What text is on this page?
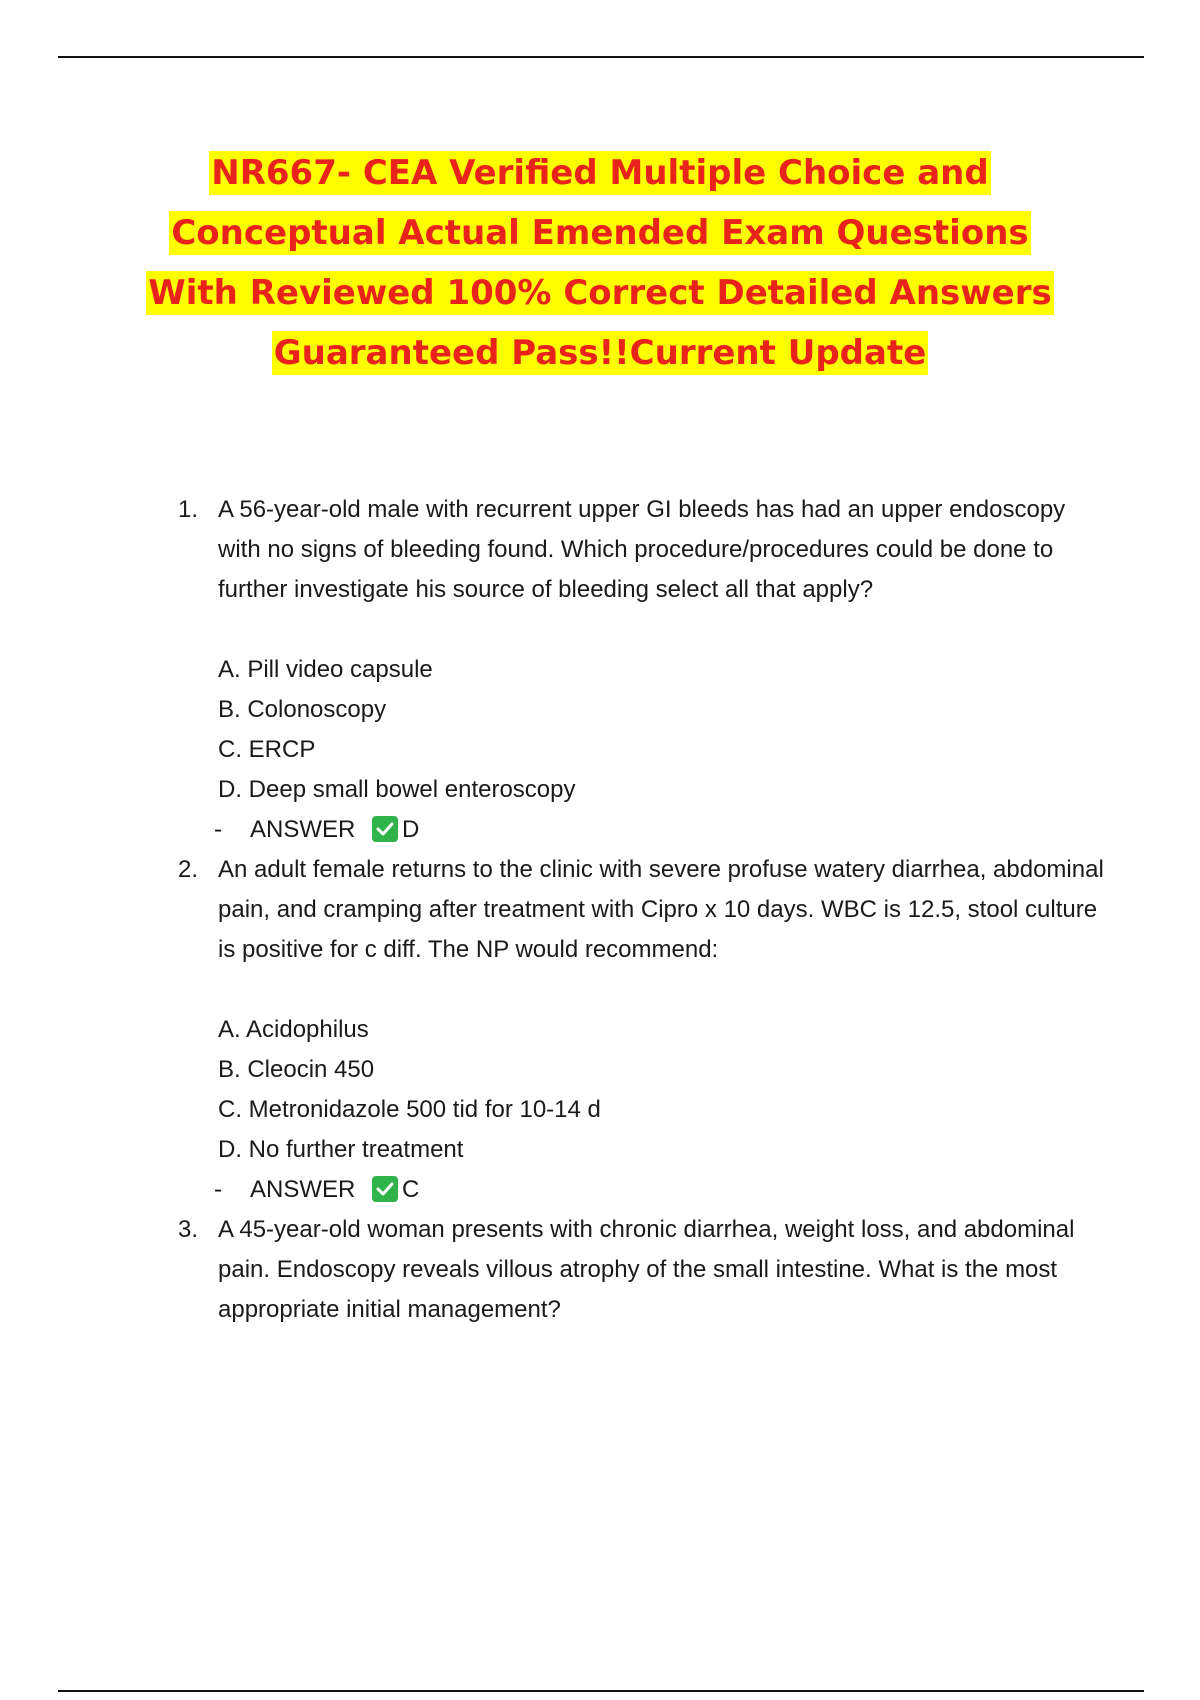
NR667- CEA Verified Multiple Choice and
Conceptual Actual Emended Exam Questions
With Reviewed 100% Correct Detailed Answers
Guaranteed Pass!!Current Update
1. A 56-year-old male with recurrent upper GI bleeds has had an upper endoscopy with no signs of bleeding found. Which procedure/procedures could be done to further investigate his source of bleeding select all that apply?
A. Pill video capsule
B. Colonoscopy
C. ERCP
D. Deep small bowel enteroscopy
- ANSWER D
2. An adult female returns to the clinic with severe profuse watery diarrhea, abdominal pain, and cramping after treatment with Cipro x 10 days. WBC is 12.5, stool culture is positive for c diff. The NP would recommend:
A. Acidophilus
B. Cleocin 450
C. Metronidazole 500 tid for 10-14 d
D. No further treatment
- ANSWER C
3. A 45-year-old woman presents with chronic diarrhea, weight loss, and abdominal pain. Endoscopy reveals villous atrophy of the small intestine. What is the most appropriate initial management?
